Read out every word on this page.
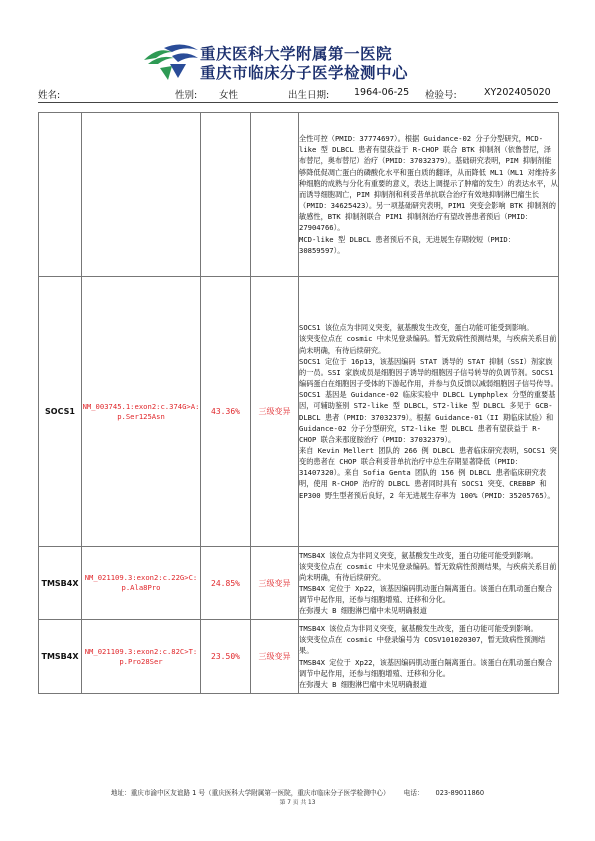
重庆医科大学附属第一医院
重庆市临床分子医学检测中心
姓名:	性别: 女性	出生日期:	1964-06-25 检验号:	XY202405020

				全性可控（PMID：37774697）。根据 Guidance-02 分子分型研究，MCD-like 型 DLBCL 患者有望获益于 R-CHOP 联合 BTK 抑制剂（依鲁替尼，泽布替尼，奥布替尼）治疗（PMID：37032379）。基础研究表明，PIM 抑制剂能够降低促凋亡蛋白的磷酸化水平和蛋白质的翻译，从而降低 ML1（ML1 对维持多种细胞的成熟与分化有重要的意义，表达上调提示了肿瘤的发生）的表达水平，从而诱导细胞凋亡，PIM 抑制剂和利妥昔单抗联合治疗有效地抑制淋巴瘤生长（PMID：34625423）。另一项基础研究表明，PIM1 突变会影响 BTK 抑制剂的敏感性，BTK 抑制剂联合 PIM1 抑制剂治疗有望改善患者预后（PMID：27904766）。

MCD-like 型 DLBCL 患者预后不良，无进展生存期较短（PMID：30859597）。

SOCS1	NM_003745.1:exon2:c.374G>A:p.Ser125Asn	43.36%	三级变异	SOCS1 该位点为非同义突变，氨基酸发生改变，蛋白功能可能受到影响。

该突变位点在 cosmic 中未见登录编码。暂无致病性预测结果，与疾病关系目前尚未明确，有待后续研究。

SOCS1 定位于 16p13，该基因编码 STAT 诱导的 STAT 抑制（SSI）剂家族的一员。SSI 家族成员是细胞因子诱导的细胞因子信号转导的负调节剂。SOCS1 编码蛋白在细胞因子受体的下游起作用，并参与负反馈以减弱细胞因子信号传导。

SOCS1 基因是 Guidance-02 临床实验中 DLBCL Lymphplex 分型的重要基因，可辅助鉴别 ST2-like 型 DLBCL，ST2-like 型 DLBCL 多见于 GCB-DLBCL 患者（PMID：37032379）。根据 Guidance-01（II 期临床试验）和 Guidance-02 分子分型研究，ST2-like 型 DLBCL 患者有望获益于 R-CHOP 联合来那度胺治疗（PMID：37032379）。

来自 Kevin Mellert 团队的 266 例 DLBCL 患者临床研究表明，SOCS1 突变的患者在 CHOP 联合利妥昔单抗治疗中总生存期显著降低（PMID：31407320）。来自 Sofia Genta 团队的 156 例 DLBCL 患者临床研究表明，使用 R-CHOP 治疗的 DLBCL 患者同时具有 SOCS1 突变、CREBBP 和 EP300 野生型者预后良好，2 年无进展生存率为 100%（PMID：35205765）。

TMSB4X	NM_021109.3:exon2:c.22G>C:p.Ala8Pro	24.85%	三级变异	TMSB4X 该位点为非同义突变，氨基酸发生改变，蛋白功能可能受到影响。

该突变位点在 cosmic 中未见登录编码。暂无致病性预测结果，与疾病关系目前尚未明确，有待后续研究。

TMSB4X 定位于 Xp22，该基因编码肌动蛋白隔离蛋白。该蛋白在肌动蛋白聚合调节中起作用，还参与细胞增殖、迁移和分化。

在弥漫大 B 细胞淋巴瘤中未见明确报道

TMSB4X	NM_021109.3:exon2:c.82C>T:p.Pro28Ser	23.50%	三级变异	TMSB4X 该位点为非同义突变，氨基酸发生改变，蛋白功能可能受到影响。

该突变位点在 cosmic 中登录编号为 COSV101020307，暂无致病性预测结果。

TMSB4X 定位于 Xp22，该基因编码肌动蛋白隔离蛋白。该蛋白在肌动蛋白聚合调节中起作用，还参与细胞增殖、迁移和分化。

在弥漫大 B 细胞淋巴瘤中未见明确报道

地址：重庆市渝中区友谊路 1 号（重庆医科大学附属第一医院，重庆市临床分子医学检测中心） 电话： 023-89011860
第 7 页 共 13
